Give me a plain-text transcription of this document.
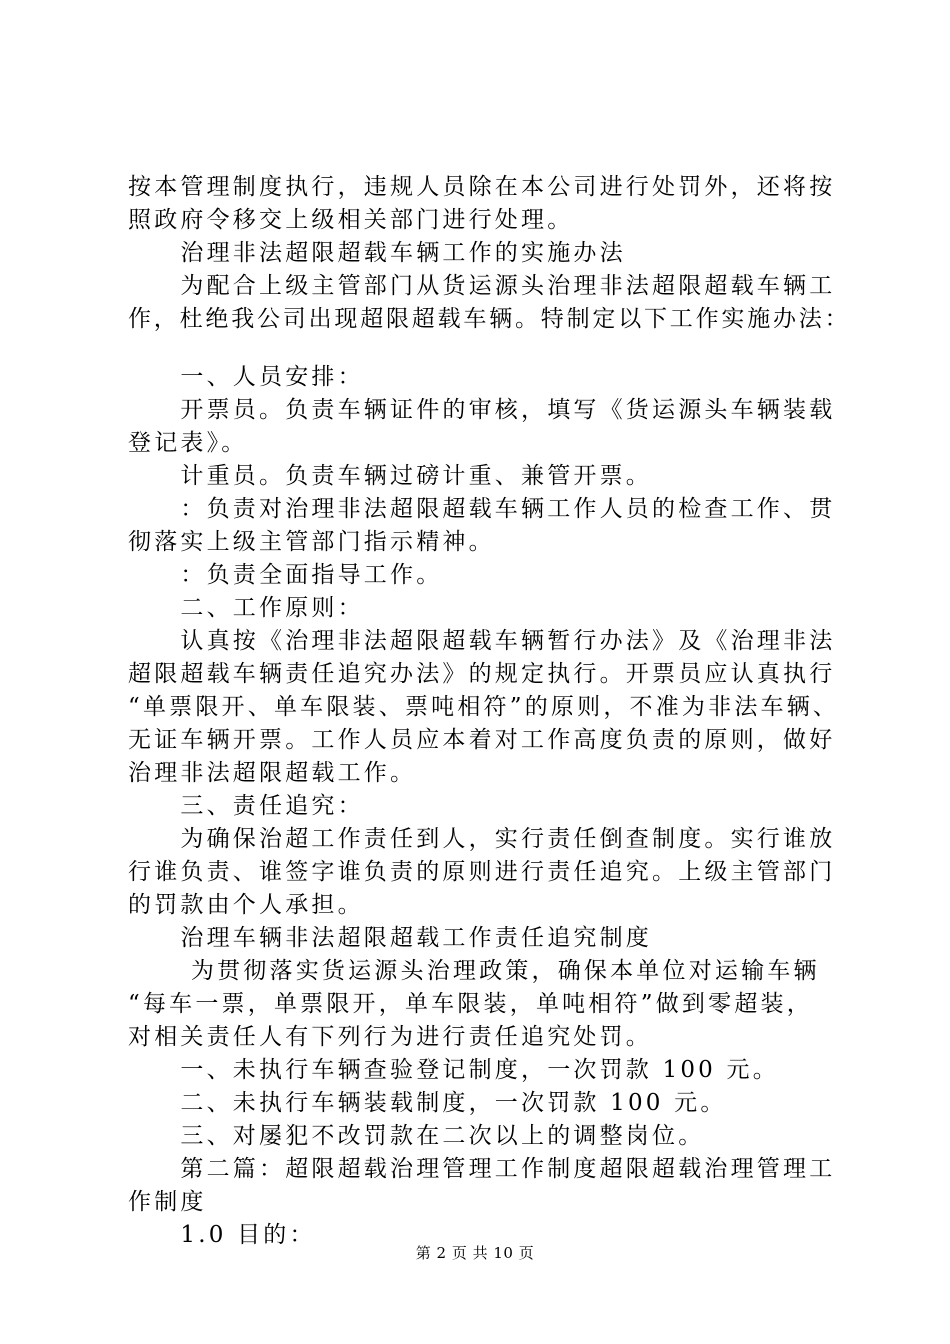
按本管理制度执行，违规人员除在本公司进行处罚外，还将按
照政府令移交上级相关部门进行处理。
　　治理非法超限超载车辆工作的实施办法
　　为配合上级主管部门从货运源头治理非法超限超载车辆工
作，杜绝我公司出现超限超载车辆。特制定以下工作实施办法：
　　一、人员安排：
　　开票员。负责车辆证件的审核，填写《货运源头车辆装载
登记表》。
　　计重员。负责车辆过磅计重、兼管开票。
　　：负责对治理非法超限超载车辆工作人员的检查工作、贯
彻落实上级主管部门指示精神。
　　：负责全面指导工作。
　　二、工作原则：
　　认真按《治理非法超限超载车辆暂行办法》及《治理非法
超限超载车辆责任追究办法》的规定执行。开票员应认真执行
“单票限开、单车限装、票吨相符”的原则，不准为非法车辆、
无证车辆开票。工作人员应本着对工作高度负责的原则，做好
治理非法超限超载工作。
　　三、责任追究：
　　为确保治超工作责任到人，实行责任倒查制度。实行谁放
行谁负责、谁签字谁负责的原则进行责任追究。上级主管部门
的罚款由个人承担。
　　治理车辆非法超限超载工作责任追究制度
　　 为贯彻落实货运源头治理政策，确保本单位对运输车辆
“每车一票，单票限开，单车限装，单吨相符”做到零超装，
对相关责任人有下列行为进行责任追究处罚。
　　一、未执行车辆查验登记制度，一次罚款 100 元。
　　二、未执行车辆装载制度，一次罚款 100 元。
　　三、对屡犯不改罚款在二次以上的调整岗位。
　　第二篇：超限超载治理管理工作制度超限超载治理管理工
作制度
　　1.0 目的：
第 2 页 共 10 页
